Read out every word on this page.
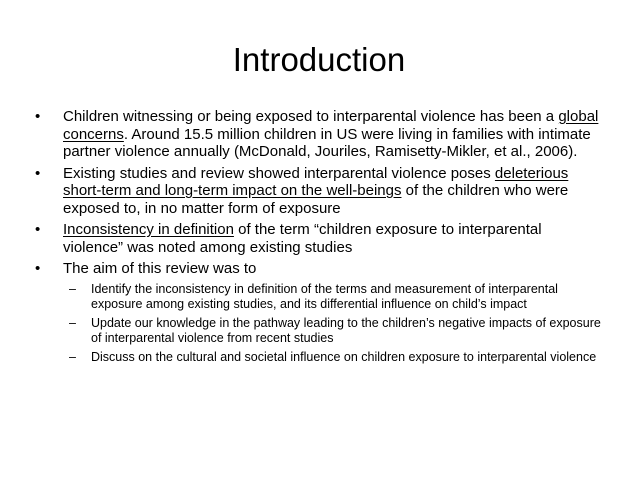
Introduction
•	Children witnessing or being exposed to interparental violence has been a global concerns. Around 15.5 million children in US were living in families with intimate partner violence annually (McDonald, Jouriles, Ramisetty-Mikler, et al., 2006).
•	Existing studies and review showed interparental violence poses deleterious short-term and long-term impact on the well-beings of the children who were exposed to, in no matter form of exposure
•	Inconsistency in definition of the term “children exposure to interparental violence” was noted among existing studies
•	The aim of this review was to
– Identify the inconsistency in definition of the terms and measurement of interparental exposure among existing studies, and its differential influence on child’s impact
– Update our knowledge in the pathway leading to the children’s negative impacts of exposure of interparental violence from recent studies
– Discuss on the cultural and societal influence on children exposure to interparental violence
